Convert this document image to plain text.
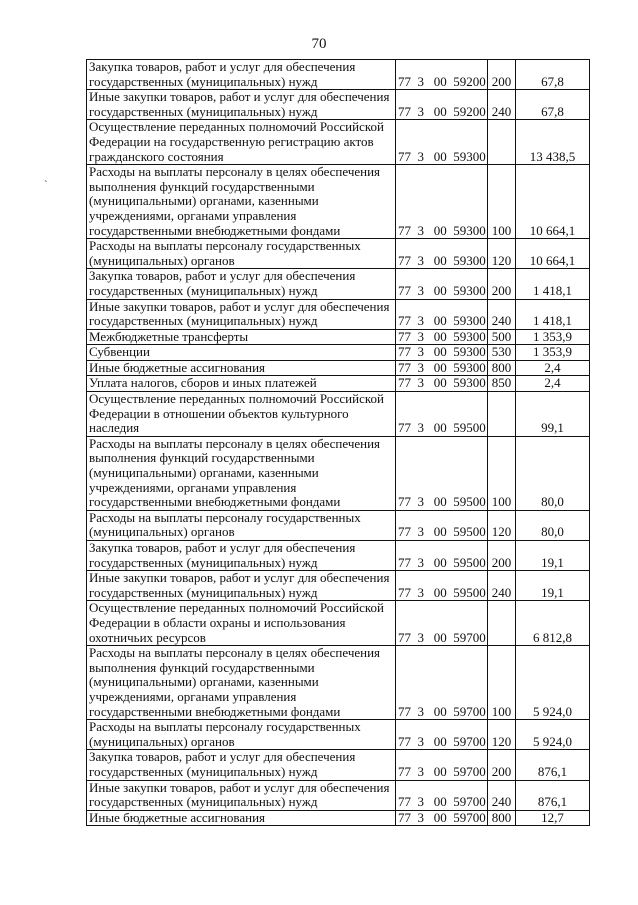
70
`
Закупка товаров, работ и услуг для обеспечения государственных (муниципальных) нужд	77  3   00  59200	200	67,8
Иные закупки товаров, работ и услуг для обеспечения государственных (муниципальных) нужд	77  3   00  59200	240	67,8
Осуществление переданных полномочий Российской Федерации на государственную регистрацию актов гражданского состояния	77  3   00  59300		13 438,5
Расходы на выплаты персоналу в целях обеспечения выполнения функций государственными (муниципальными) органами, казенными учреждениями, органами управления государственными внебюджетными фондами	77  3   00  59300	100	10 664,1
Расходы на выплаты персоналу государственных (муниципальных) органов	77  3   00  59300	120	10 664,1
Закупка товаров, работ и услуг для обеспечения государственных (муниципальных) нужд	77  3   00  59300	200	1 418,1
Иные закупки товаров, работ и услуг для обеспечения государственных (муниципальных) нужд	77  3   00  59300	240	1 418,1
Межбюджетные трансферты	77  3   00  59300	500	1 353,9
Субвенции	77  3   00  59300	530	1 353,9
Иные бюджетные ассигнования	77  3   00  59300	800	2,4
Уплата налогов, сборов и иных платежей	77  3   00  59300	850	2,4
Осуществление переданных полномочий Российской Федерации в отношении объектов культурного наследия	77  3   00  59500		99,1
Расходы на выплаты персоналу в целях обеспечения выполнения функций государственными (муниципальными) органами, казенными учреждениями, органами управления государственными внебюджетными фондами	77  3   00  59500	100	80,0
Расходы на выплаты персоналу государственных (муниципальных) органов	77  3   00  59500	120	80,0
Закупка товаров, работ и услуг для обеспечения государственных (муниципальных) нужд	77  3   00  59500	200	19,1
Иные закупки товаров, работ и услуг для обеспечения государственных (муниципальных) нужд	77  3   00  59500	240	19,1
Осуществление переданных полномочий Российской Федерации в области охраны и использования охотничьих ресурсов	77  3   00  59700		6 812,8
Расходы на выплаты персоналу в целях обеспечения выполнения функций государственными (муниципальными) органами, казенными учреждениями, органами управления государственными внебюджетными фондами	77  3   00  59700	100	5 924,0
Расходы на выплаты персоналу государственных (муниципальных) органов	77  3   00  59700	120	5 924,0
Закупка товаров, работ и услуг для обеспечения государственных (муниципальных) нужд	77  3   00  59700	200	876,1
Иные закупки товаров, работ и услуг для обеспечения государственных (муниципальных) нужд	77  3   00  59700	240	876,1
Иные бюджетные ассигнования	77  3   00  59700	800	12,7
